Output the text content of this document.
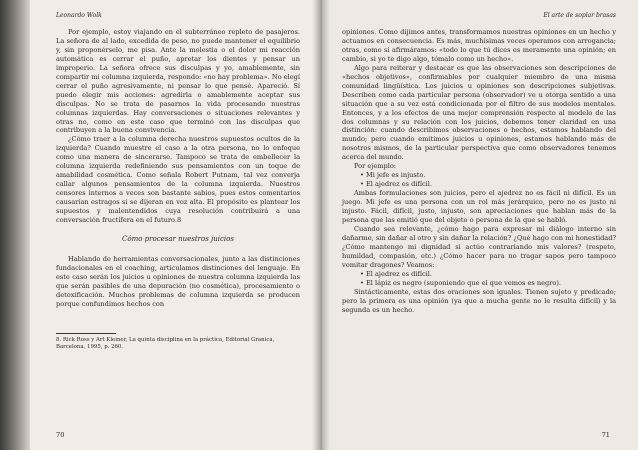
Leonardo Wolk

Por ejemplo, estoy viajando en el subterráneo repleto de pasajeros. La señora de al lado, excedida de peso, no puede mantener el equilibrio y, sin proponérselo, me pisa. Ante la molestia o el dolor mi reacción automática es cerrar el puño, apretar los dientes y pensar un improperio. La señora ofrece sus disculpas y yo, amablemente, sin compartir mi columna izquierda, respondo: «no hay problema». No elegí cerrar el puño agresivamente, ni pensar lo que pensé. Apareció. Sí puedo elegir mis acciones: agredirla o amablemente aceptar sus disculpas. No se trata de pasarnos la vida procesando nuestras columnas izquierdas. Hay conversaciones o situaciones relevantes y otras no, como en este caso que terminó con las disculpas que contribuyen a la buena convivencia.

¿Cómo traer a la columna derecha nuestros supuestos ocultos de la izquierda? Cuando muestre el caso a la otra persona, no lo enfoque como una manera de sincerarse. Tampoco se trata de embellecer la columna izquierda redefiniendo sus pensamientos con un toque de amabilidad cosmética. Como señala Robert Putnam, tal vez converja callar algunos pensamientos de la columna izquierda. Nuestros censores internos a veces son bastante sabios, pues estos comentarios causarían estragos si se dijeran en voz alta. El propósito es plantear los supuestos y malentendidos cuya resolución contribuirá a una conversación fructífera en el futuro.8

Cómo procesar nuestros juicios

Hablando de herramientas conversacionales, junto a las distinciones fundacionales en el coaching, articulamos distinciones del lenguaje. En este caso serán los juicios u opiniones de nuestra columna izquierda las que serán pasibles de una depuración (no cosmética), procesamiento o detoxificación. Muchos problemas de columna izquierda se producen porque confundimos hechos con

8. Rick Ross y Art Kleiner, La quinta disciplina en la práctica, Editorial Granica, Barcelona, 1995, p. 260.

70
El arte de soplar brasas

opiniones. Como dijimos antes, transformamos nuestras opiniones en un hecho y actuamos en consecuencia. Es más, muchísimas veces operamos con arrogancia; otras, como si afirmáramos: «todo lo que tú dices es meramente una opinión; en cambio, si yo te digo algo, tómalo como un hecho».

Algo para reiterar y destacar es que las observaciones son descripciones de «hechos objetivos», confirmables por cualquier miembro de una misma comunidad lingüística. Los juicios u opiniones son descripciones subjetivas. Describen como cada particular persona (observador) ve u otorga sentido a una situación que a su vez está condicionada por el filtro de sus modelos mentales. Entonces, y a los efectos de una mejor comprensión respecto al modelo de las dos columnas y su relación con los juicios, debemos tener claridad en una distinción: cuando describimos observaciones o hechos, estamos hablando del mundo; pero cuando emitimos juicios u opiniones, estamos hablando más de nosotros mismos, de la particular perspectiva que como observadores tenemos acerca del mundo.

Por ejemplo:

• Mi jefe es injusto.
• El ajedrez es difícil.

Ambas formulaciones son juicios, pero el ajedrez no es fácil ni difícil. Es un juego. Mi jefe es una persona con un rol más jerárquico, pero no es justo ni injusto. Fácil, difícil, justo, injusto, son apreciaciones que hablan más de la persona que las emitió que del objeto o persona de la que se habló.

Cuando sea relevante, ¿cómo hago para expresar mi diálogo interno sin dañarme, sin dañar al otro y sin dañar la relación? ¿Qué hago con mi honestidad? ¿Cómo mantengo mi dignidad si actúo contrariando mis valores? (respeto, humildad, compasión, etc.) ¿Cómo hacer para no tragar sapos pero tampoco vomitar dragones? Veamos:

• El ajedrez es difícil.
• El lápiz es negro (suponiendo que el que vemos es negro).

Sintácticamente, estas dos oraciones son iguales. Tienen sujeto y predicado; pero la primera es una opinión (ya que a mucha gente no le resulta difícil) y la segunda es un hecho.

71
